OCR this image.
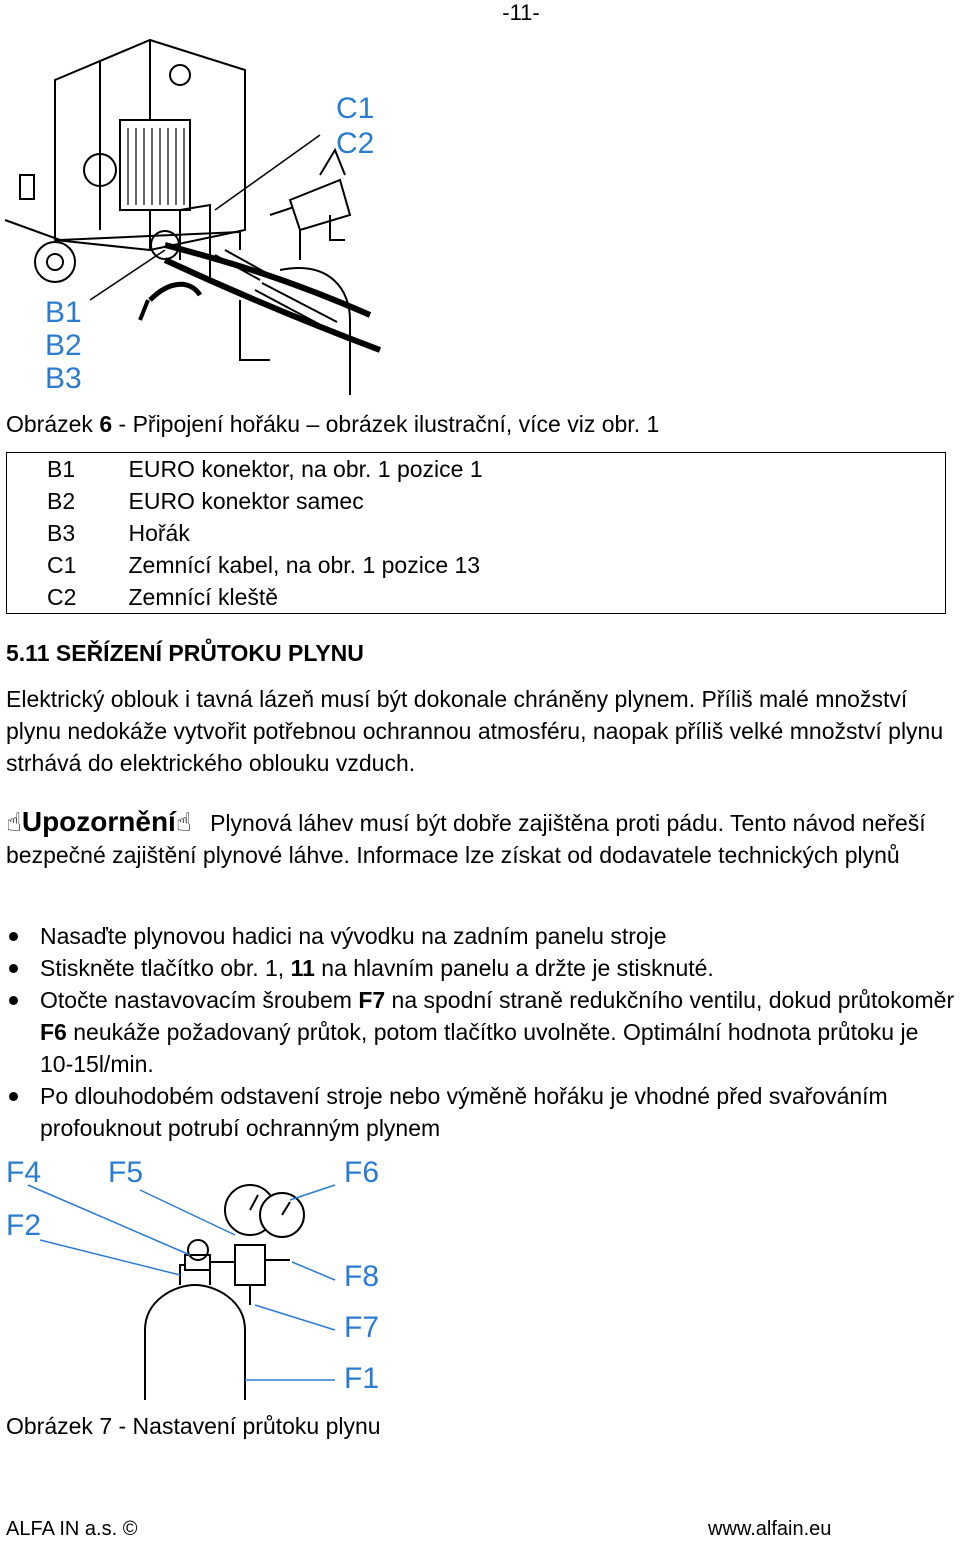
-11-
C1
C2
B1
B2
B3
Obrázek 6 - Připojení hořáku – obrázek ilustrační, více viz obr. 1
B1	EURO konektor, na obr. 1 pozice 1
B2	EURO konektor samec
B3	Hořák
C1	Zemnící kabel, na obr. 1 pozice 13
C2	Zemnící kleště
5.11 SEŘÍZENÍ PRŮTOKU PLYNU
Elektrický oblouk i tavná lázeň musí být dokonale chráněny plynem. Příliš malé množství plynu nedokáže vytvořit potřebnou ochrannou atmosféru, naopak příliš velké množství plynu strhává do elektrického oblouku vzduch.
☝Upozornění☝ Plynová láhev musí být dobře zajištěna proti pádu. Tento návod neřeší bezpečné zajištění plynové láhve. Informace lze získat od dodavatele technických plynů
Nasaďte plynovou hadici na vývodku na zadním panelu stroje
Stiskněte tlačítko obr. 1, 11 na hlavním panelu a držte je stisknuté.
Otočte nastavovacím šroubem F7 na spodní straně redukčního ventilu, dokud průtokoměr F6 neukáže požadovaný průtok, potom tlačítko uvolněte. Optimální hodnota průtoku je 10-15l/min.
Po dlouhodobém odstavení stroje nebo výměně hořáku je vhodné před svařováním profouknout potrubí ochranným plynem
F4 F5	F6
F2
F8
F7
F1
Obrázek 7 - Nastavení průtoku plynu
ALFA IN a.s. ©	www.alfain.eu
